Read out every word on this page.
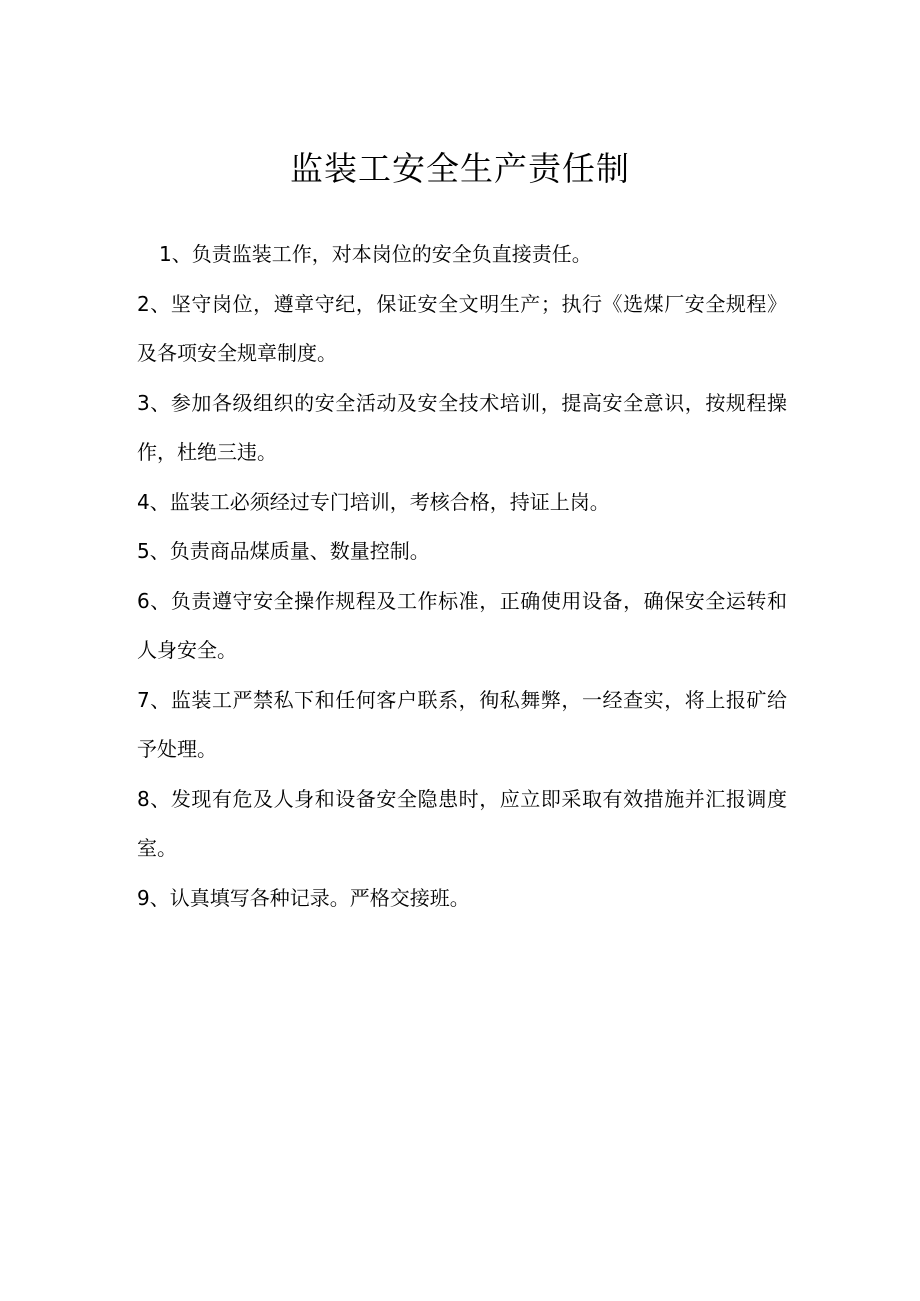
监装工安全生产责任制

1、负责监装工作，对本岗位的安全负直接责任。

2、坚守岗位，遵章守纪，保证安全文明生产；执行《选煤厂安全规程》及各项安全规章制度。

3、参加各级组织的安全活动及安全技术培训，提高安全意识，按规程操作，杜绝三违。

4、监装工必须经过专门培训，考核合格，持证上岗。

5、负责商品煤质量、数量控制。

6、负责遵守安全操作规程及工作标准，正确使用设备，确保安全运转和人身安全。

7、监装工严禁私下和任何客户联系，徇私舞弊，一经查实，将上报矿给予处理。

8、发现有危及人身和设备安全隐患时，应立即采取有效措施并汇报调度室。

9、认真填写各种记录。严格交接班。
